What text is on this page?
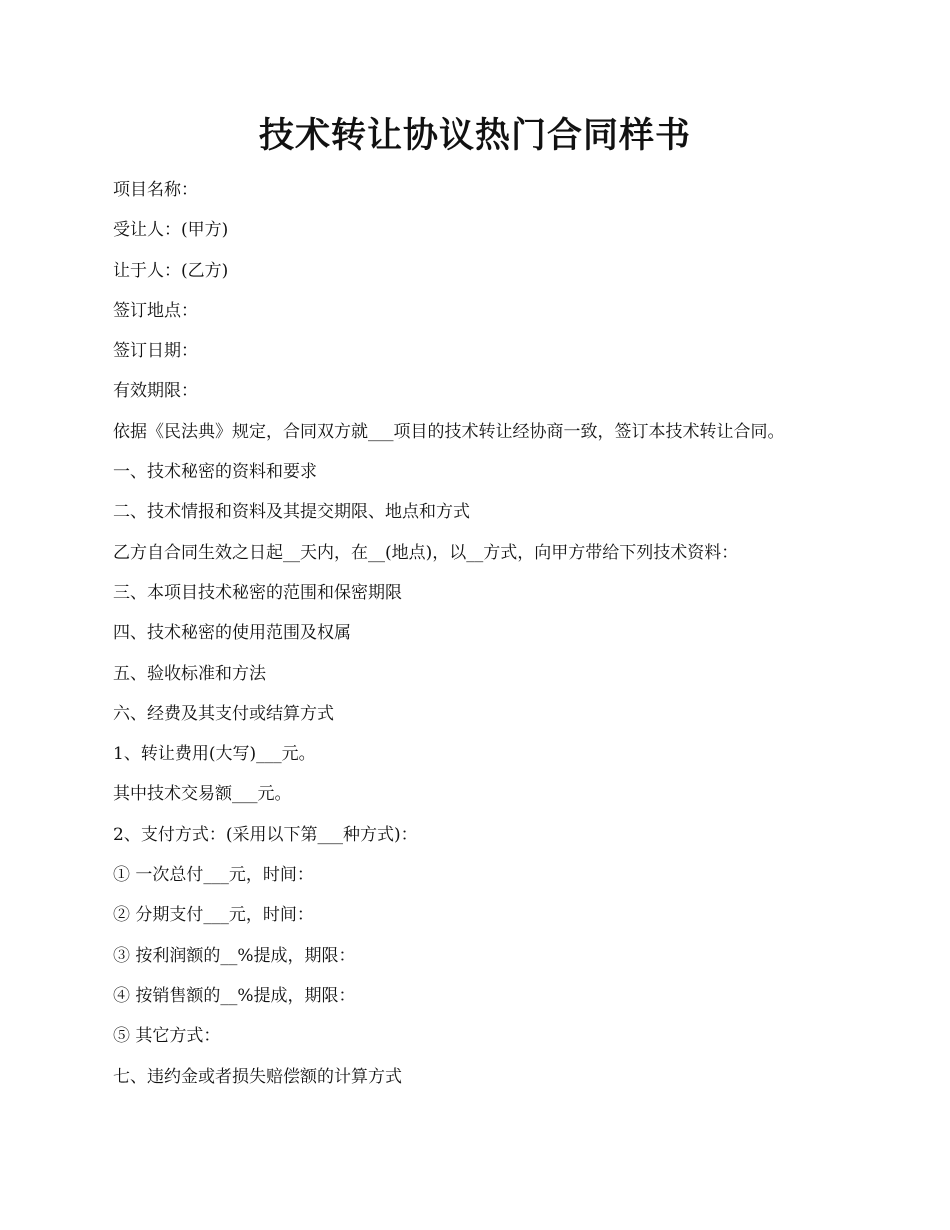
技术转让协议热门合同样书

项目名称：

受让人：(甲方)

让于人：(乙方)

签订地点：

签订日期：

有效期限：

依据《民法典》规定，合同双方就___项目的技术转让经协商一致，签订本技术转让合同。

一、技术秘密的资料和要求

二、技术情报和资料及其提交期限、地点和方式

乙方自合同生效之日起__天内，在__(地点)，以__方式，向甲方带给下列技术资料：

三、本项目技术秘密的范围和保密期限

四、技术秘密的使用范围及权属

五、验收标准和方法

六、经费及其支付或结算方式

1、转让费用(大写)___元。

其中技术交易额___元。

2、支付方式：(采用以下第___种方式)：

① 一次总付___元，时间：

② 分期支付___元，时间：

③ 按利润额的__%提成，期限：

④ 按销售额的__%提成，期限：

⑤ 其它方式：

七、违约金或者损失赔偿额的计算方式
